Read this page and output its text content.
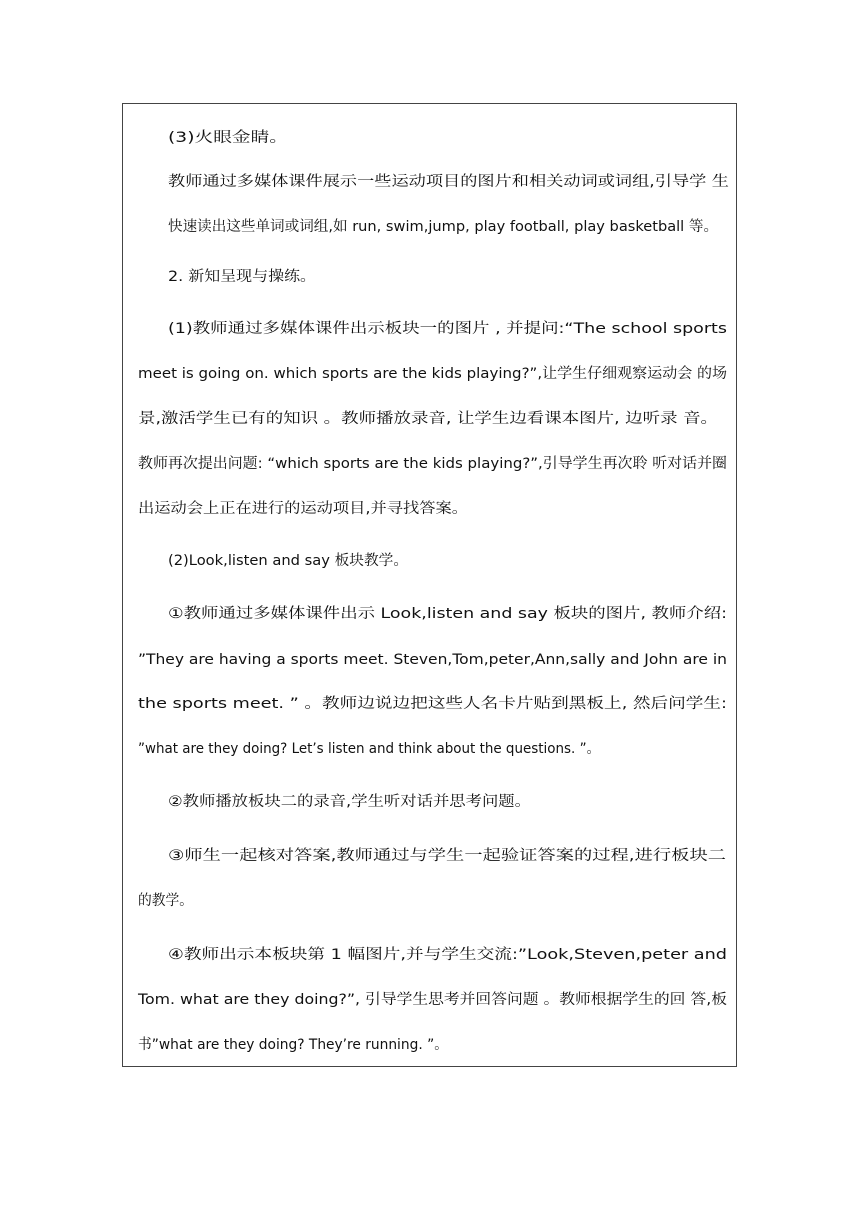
(3)火眼金睛。
教师通过多媒体课件展示一些运动项目的图片和相关动词或词组,引导学 生
快速读出这些单词或词组,如 run, swim,jump, play football, play basketball 等。
2. 新知呈现与操练。
(1)教师通过多媒体课件出示板块一的图片 , 并提问:“The school sports
meet is going on. which sports are the kids playing?”,让学生仔细观察运动会 的场
景,激活学生已有的知识 。教师播放录音, 让学生边看课本图片, 边听录 音。
教师再次提出问题: “which sports are the kids playing?”,引导学生再次聆 听对话并圈
出运动会上正在进行的运动项目,并寻找答案。
(2)Look,listen and say 板块教学。
①教师通过多媒体课件出示 Look,listen and say 板块的图片, 教师介绍:
”They are having a sports meet. Steven,Tom,peter,Ann,sally and John are in
the sports meet. ” 。教师边说边把这些人名卡片贴到黑板上, 然后问学生:
”what are they doing? Let’s listen and think about the questions. ”。
②教师播放板块二的录音,学生听对话并思考问题。
③师生一起核对答案,教师通过与学生一起验证答案的过程,进行板块二
的教学。
④教师出示本板块第 1 幅图片,并与学生交流:”Look,Steven,peter and
Tom. what are they doing?”, 引导学生思考并回答问题 。教师根据学生的回 答,板
书”what are they doing? They’re running. ”。
